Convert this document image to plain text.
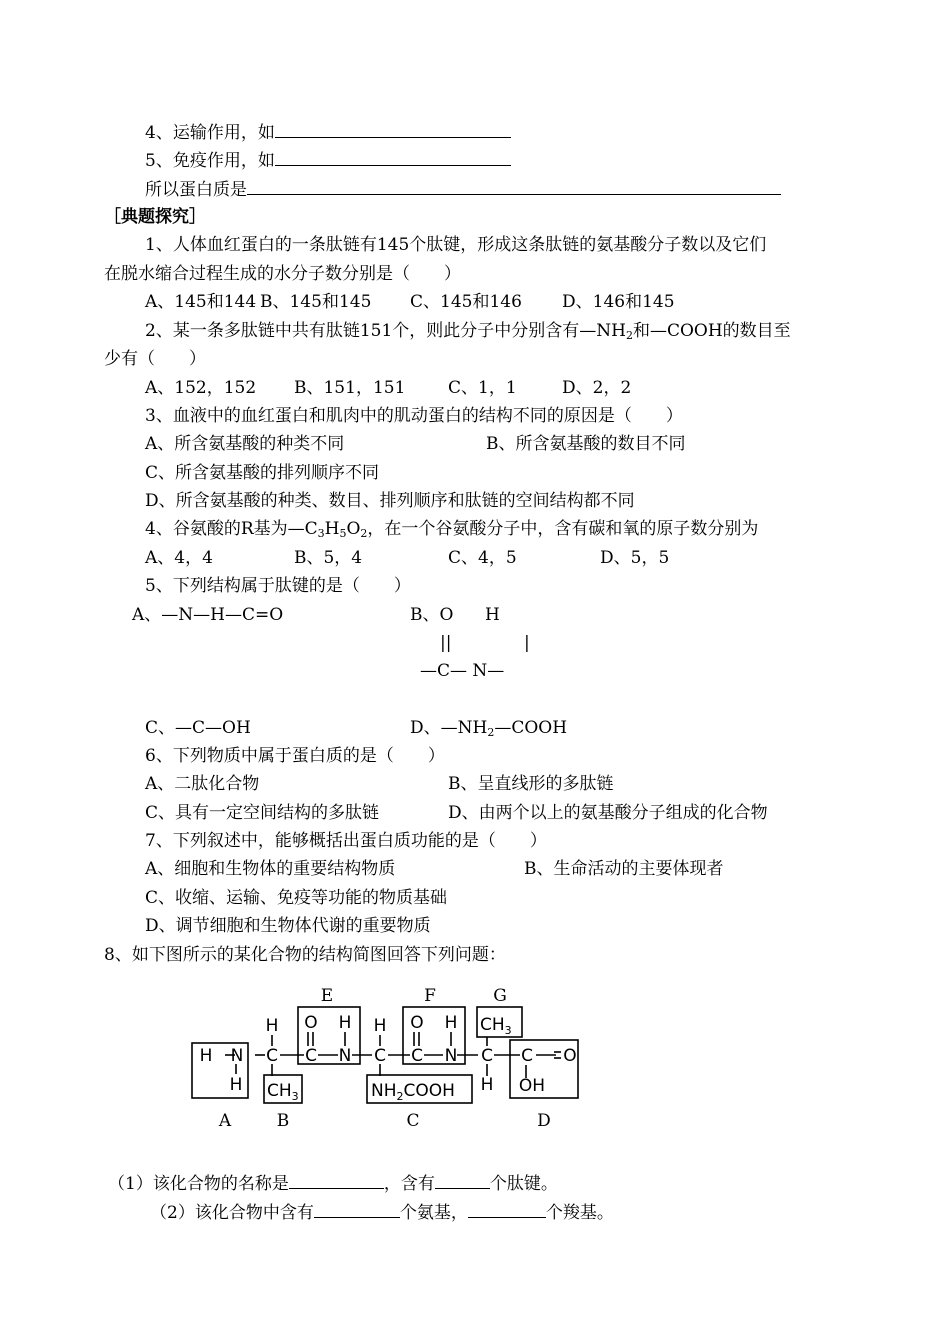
4、运输作用，如
5、免疫作用，如
所以蛋白质是
［典题探究］
1、人体血红蛋白的一条肽链有145个肽键，形成这条肽链的氨基酸分子数以及它们
在脱水缩合过程生成的水分子数分别是（　　）
A、145和144 B、145和145 C、145和146 D、146和145
2、某一条多肽链中共有肽链151个，则此分子中分别含有$—NH_2$和—COOH的数目至
少有（　　）
A、152，152 B、151，151	C、1，1	D、2，2
3、血液中的血红蛋白和肌肉中的肌动蛋白的结构不同的原因是（　　）
A、所含氨基酸的种类不同	B、所含氨基酸的数目不同
C、所含氨基酸的排列顺序不同
D、所含氨基酸的种类、数目、排列顺序和肽链的空间结构都不同
4、谷氨酸的R基为$—C_3H_5O_2$，在一个谷氨酸分子中，含有碳和氧的原子数分别为
A、4，4	B、5，4	C、4，5	D、5，5
5、下列结构属于肽键的是（　　）
A、—N—H—C=O	B、O H
||	|
—C— N—
C、—C—OH	D、$—NH_2—COOH$
6、下列物质中属于蛋白质的是（　　）
A、二肽化合物	B、呈直线形的多肽链
C、具有一定空间结构的多肽链	D、由两个以上的氨基酸分子组成的化合物
7、下列叙述中，能够概括出蛋白质功能的是（　　）
A、细胞和生物体的重要结构物质	B、生命活动的主要体现者
C、收缩、运输、免疫等功能的物质基础
D、调节细胞和生物体代谢的重要物质
8、如下图所示的某化合物的结构简图回答下列问题：
E	F	G
H N
H
H
C
O H
C N
H
C
O H
C N C
H
C O
OH
$CH_3$
$CH_3$
$NH_2COOH$
A	B	C	D
（1）该化合物的名称是	，含有	个肽键。
（2）该化合物中含有	个氨基，	个羧基。
